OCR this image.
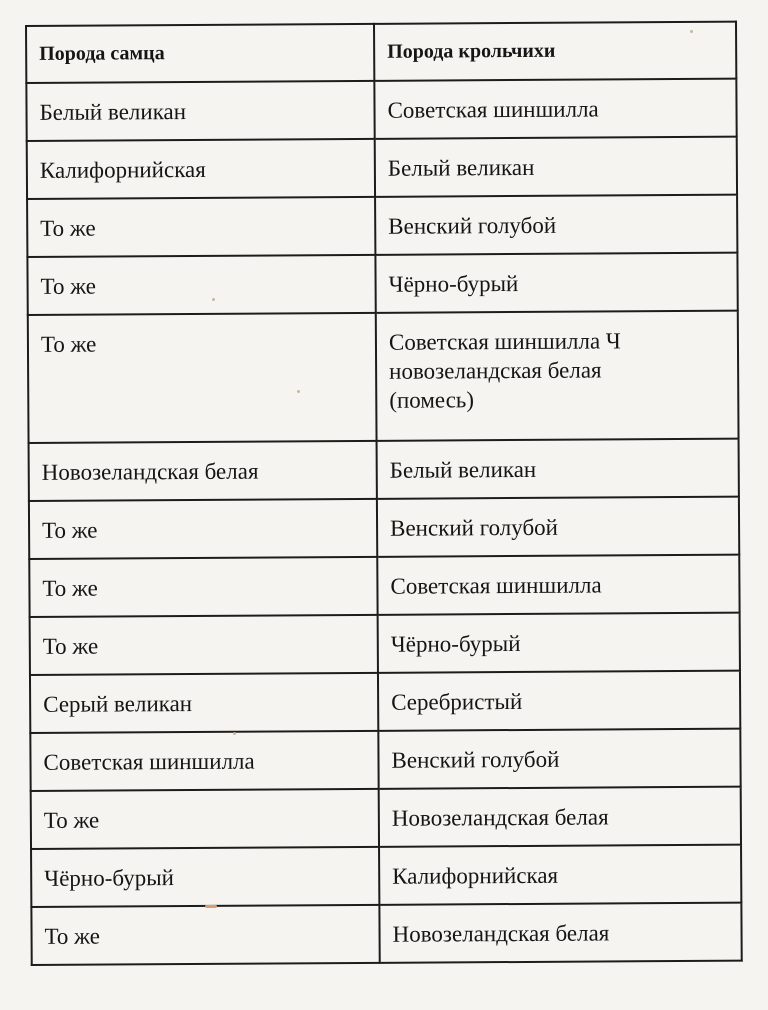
Порода самца	Порода крольчихи
Белый великан	Советская шиншилла
Калифорнийская	Белый великан
То же	Венский голубой
То же	Чёрно-бурый
То же	Советская шиншилла Ч
новозеландская белая
(помесь)

Новозеландская белая	Белый великан
То же	Венский голубой
То же	Советская шиншилла
То же	Чёрно-бурый
Серый великан	Серебристый
Советская шиншилла	Венский голубой
То же	Новозеландская белая
Чёрно-бурый	Калифорнийская
То же	Новозеландская белая
